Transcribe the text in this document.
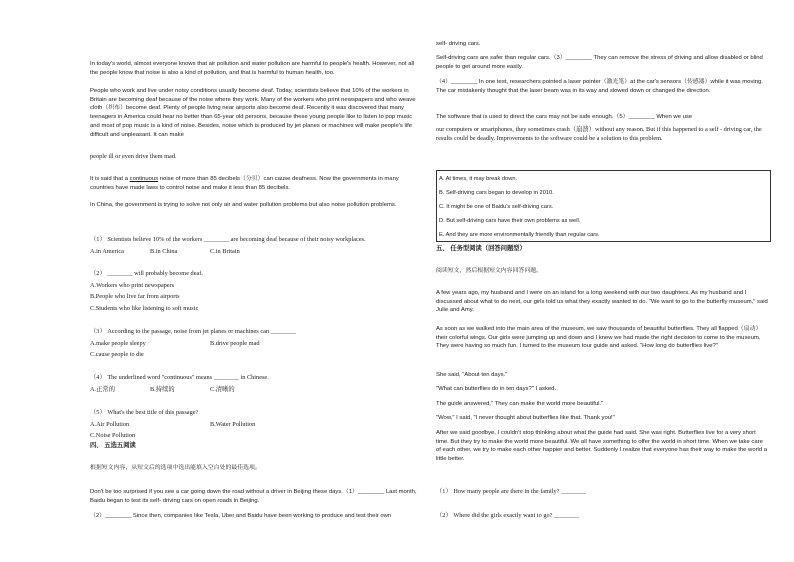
In today's world, almost everyone knows that air pollution and water pollution are harmful to people's health. However, not all the people know that noise is also a kind of pollution, and that is harmful to human health, too.

People who work and live under noisy conditions usually become deaf. Today, scientists believe that 10% of the workers in Britain are becoming deaf because of the noise where they work. Many of the workers who print newspapers and who weave cloth（织布）become deaf. Plenty of people living near airports also become deaf. Recently it was discovered that many teenagers in America could hear no better than 65-year old persons, because these young people like to listen to pop music and most of pop music is a kind of noise. Besides, noise which is produced by jet planes or machines will make people's life difficult and unpleasant. It can make

people ill or even drive them mad.

It is said that a continuous noise of more than 85 decibels（分贝）can cause deafness. Now the governments in many countries have made laws to control noise and make it less than 85 decibels.

In China, the government is trying to solve not only air and water pollution problems but also noise pollution problems.

（1） Scientists believe 10% of the workers ________ are becoming deaf because of their noisy workplaces.

A.in America	B.in China	C.in Britain

（2） ________ will probably become deaf.

A.Workers who print newspapers

B.People who live far from airports

C.Students who like listening to soft music

（3） According to the passage, noise from jet planes or machines can ________

A.make people sleepy	B.drive people mad

C.cause people to die

（4） The underlined word "continuous" means ________ in Chinese.

A.正常的	B.持续的	C.清晰的

（5） What's the best title of this passage?

A.Air Pollution	B.Water Pollution

C.Noise Pollution

四、 五选五阅读

根据短文内容，从短文后的选项中选出能填入空白处的最佳选项。

Don't be too surprised if you see a car going down the road without a driver in Beijing these days.（1）________ Last month, Baidu began to test its self- driving cars on open roads in Beijing.

（2）________ Since then, companies like Tesla, Uber and Baidu have been working to produce and test their own

self- driving cars.

Self-driving cars are safer than regular cars.（3）________ They can remove the stress of driving and allow disabled or blind people to get around more easily.

（4）________ In one test, researchers pointed a laser pointer（激光笔）at the car's sensors（传感器）while it was moving. The car mistakenly thought that the laser beam was in its way and slowed down or changed the direction.

The software that is used to direct the cars may not be safe enough.（5）________ When we use

our computers or smartphones, they sometimes crash（崩溃）without any reason. But if this happened to a self - driving car, the results could be deadly. Improvements to the software could be a solution to this problem.

A. At times, it may break down.

B. Self-driving cars began to develop in 2010.

C. It might be one of Baidu's self-driving cars.

D. But self-driving cars have their own problems as well.

E. And they are more environmentally friendly than regular cars.

五、 任务型阅读（回答问题型）

阅读短文，然后根据短文内容回答问题。

A few years ago, my husband and I were on an island for a long weekend with our two daughters. As my husband and I discussed about what to do next, our girls told us what they exactly wanted to do. "We want to go to the butterfly museum," said Julie and Amy.

As soon as we walked into the main area of the museum, we saw thousands of beautiful butterflies. They all flapped（扇动）their colorful wings. Our girls were jumping up and down and I knew we had made the right decision to come to the museum. They were having so much fun. I turned to the museum tour guide and asked. "How long do butterflies live?"

She said, "About ten days."

"What can butterflies do in ten days?" I asked.

The guide answered," They can make the world more beautiful."

"Wow," I said, "I never thought about butterflies like that. Thank you!"

After we said goodbye, I couldn't stop thinking about what the guide had said. She was right. Butterflies live for a very short time. But they try to make the world more beautiful. We all have something to offer the world in short time. When we take care of each other, we try to make each other happier and better. Suddenly I realize that everyone has their way to make the world a little better.

（1） How many people are there in the family? ________

（2） Where did the girls exactly want to go? ________
